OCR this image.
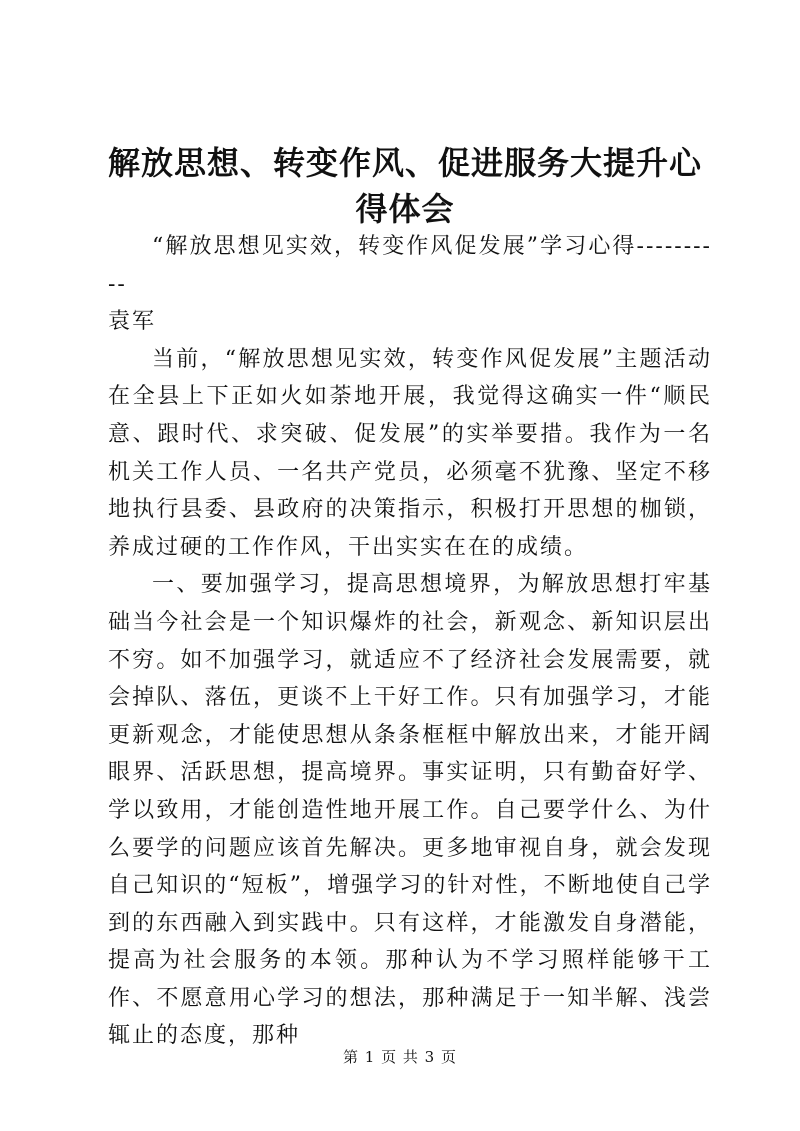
解放思想、转变作风、促进服务大提升心得体会

“解放思想见实效，转变作风促发展”学习心得----------

袁军

当前，“解放思想见实效，转变作风促发展”主题活动在全县上下正如火如荼地开展，我觉得这确实一件“顺民意、跟时代、求突破、促发展”的实举要措。我作为一名机关工作人员、一名共产党员，必须毫不犹豫、坚定不移地执行县委、县政府的决策指示，积极打开思想的枷锁，养成过硬的工作作风，干出实实在在的成绩。

一、要加强学习，提高思想境界，为解放思想打牢基础当今社会是一个知识爆炸的社会，新观念、新知识层出不穷。如不加强学习，就适应不了经济社会发展需要，就会掉队、落伍，更谈不上干好工作。只有加强学习，才能更新观念，才能使思想从条条框框中解放出来，才能开阔眼界、活跃思想，提高境界。事实证明，只有勤奋好学、学以致用，才能创造性地开展工作。自己要学什么、为什么要学的问题应该首先解决。更多地审视自身，就会发现自己知识的“短板”，增强学习的针对性，不断地使自己学到的东西融入到实践中。只有这样，才能激发自身潜能，提高为社会服务的本领。那种认为不学习照样能够干工作、不愿意用心学习的想法，那种满足于一知半解、浅尝辄止的态度，那种

第 1 页 共 3 页
